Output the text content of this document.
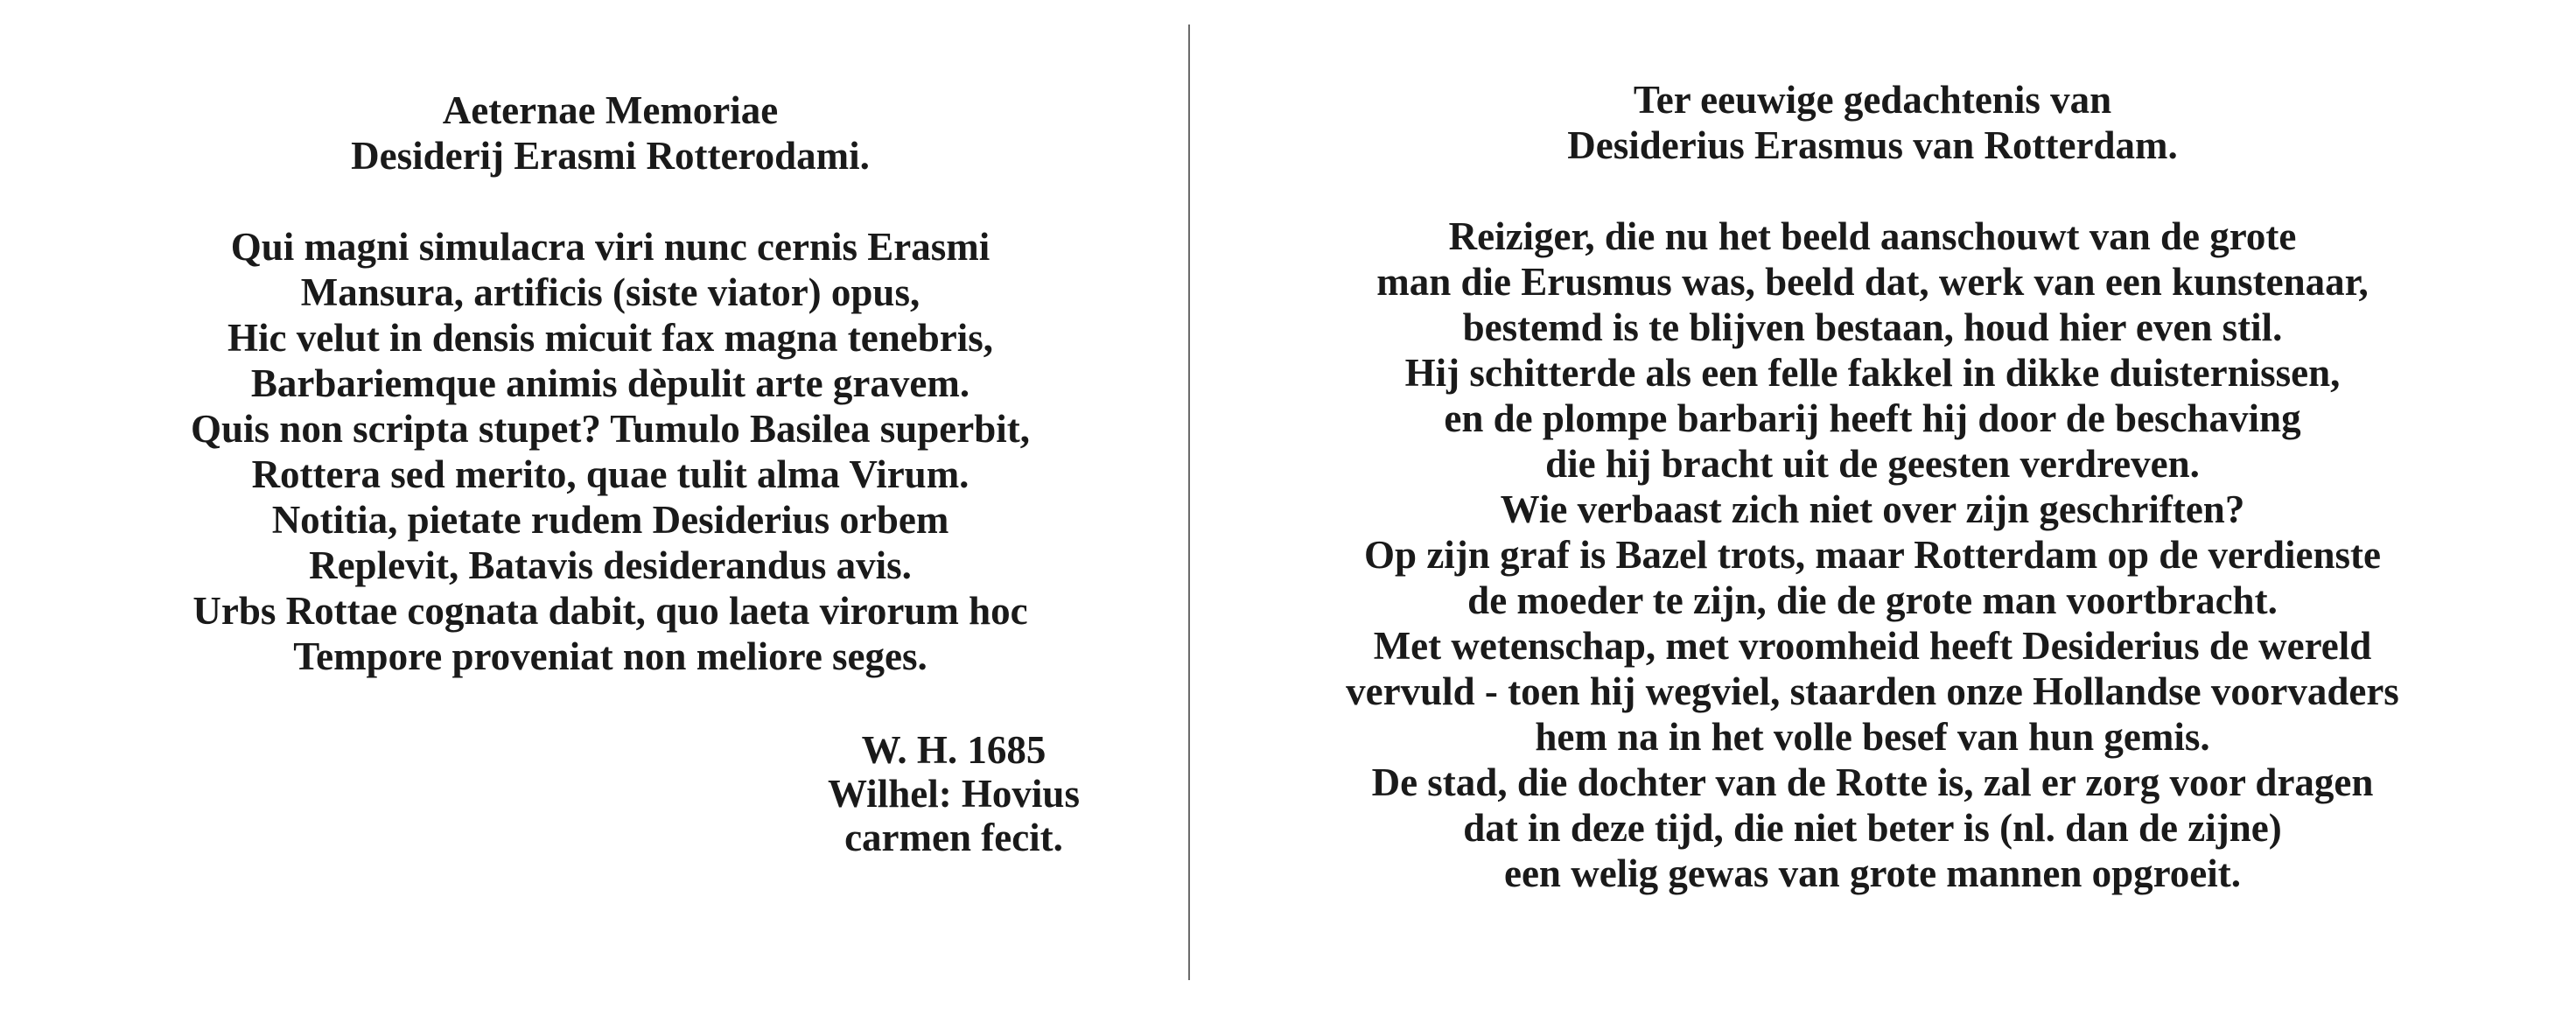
Aeternae Memoriae
Desiderij Erasmi Rotterodami.
Qui magni simulacra viri nunc cernis Erasmi
Mansura, artificis (siste viator) opus,
Hic velut in densis micuit fax magna tenebris,
Barbariemque animis dèpulit arte gravem.
Quis non scripta stupet? Tumulo Basilea superbit,
Rottera sed merito, quae tulit alma Virum.
Notitia, pietate rudem Desiderius orbem
Replevit, Batavis desiderandus avis.
Urbs Rottae cognata dabit, quo laeta virorum hoc
Tempore proveniat non meliore seges.
W. H. 1685
Wilhel: Hovius
carmen fecit.
Ter eeuwige gedachtenis van
Desiderius Erasmus van Rotterdam.
Reiziger, die nu het beeld aanschouwt van de grote
man die Erusmus was, beeld dat, werk van een kunstenaar,
bestemd is te blijven bestaan, houd hier even stil.
Hij schitterde als een felle fakkel in dikke duisternissen,
en de plompe barbarij heeft hij door de beschaving
die hij bracht uit de geesten verdreven.
Wie verbaast zich niet over zijn geschriften?
Op zijn graf is Bazel trots, maar Rotterdam op de verdienste
de moeder te zijn, die de grote man voortbracht.
Met wetenschap, met vroomheid heeft Desiderius de wereld
vervuld - toen hij wegviel, staarden onze Hollandse voorvaders
hem na in het volle besef van hun gemis.
De stad, die dochter van de Rotte is, zal er zorg voor dragen
dat in deze tijd, die niet beter is (nl. dan de zijne)
een welig gewas van grote mannen opgroeit.
